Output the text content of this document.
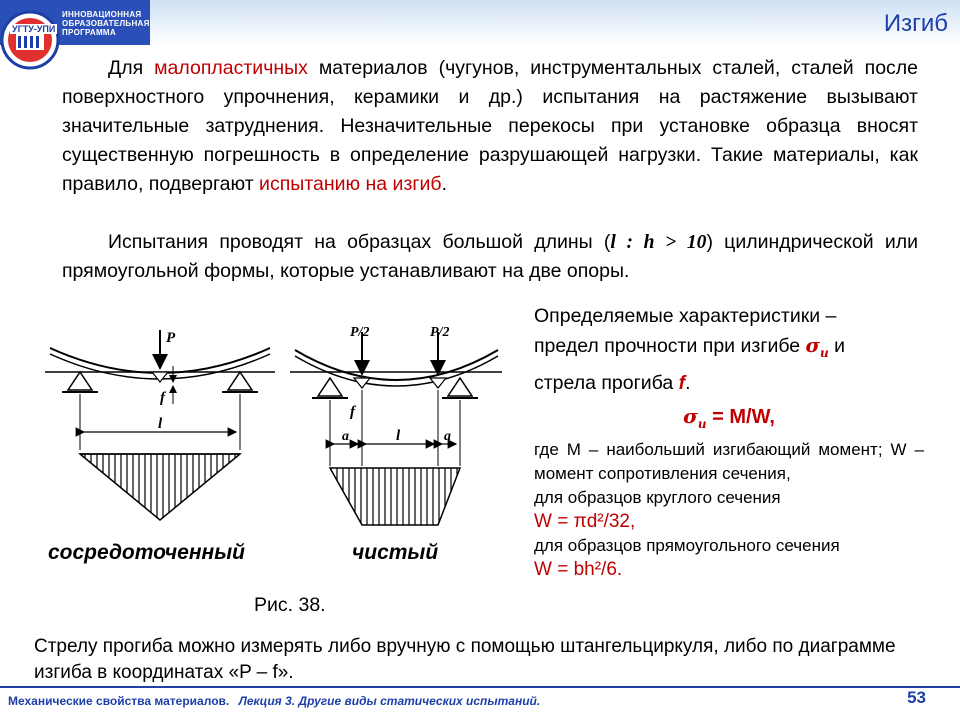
ИННОВАЦИОННАЯ
ОБРАЗОВАТЕЛЬНАЯ
ПРОГРАММА
УГТУ-УПИ	Изгиб
Для малопластичных материалов (чугунов, инструментальных сталей, сталей после поверхностного упрочнения, керамики и др.) испытания на растяжение вызывают значительные затруднения. Незначительные перекосы при установке образца вносят существенную погрешность в определение разрушающей нагрузки. Такие материалы, как правило, подвергают испытанию на изгиб.
Испытания проводят на образцах большой длины (l : h > 10) цилиндрической или прямоугольной формы, которые устанавливают на две опоры.
P
f
l
P/2	P/2
f
a	l	a
сосредоточенный	чистый
Рис. 38.
Определяемые характеристики –
предел прочности при изгибе $\sigma_и$ и
стрела прогиба f.
$\sigma_и = M/W$,
где M – наибольший изгибающий момент; W – момент сопротивления сечения,
для образцов круглого сечения
W = πd²/32,
для образцов прямоугольного сечения
W = bh²/6.
Стрелу прогиба можно измерять либо вручную с помощью штангельциркуля, либо по диаграмме изгиба в координатах «P – f».
Механические свойства материалов. Лекция 3. Другие виды статических испытаний.	53
